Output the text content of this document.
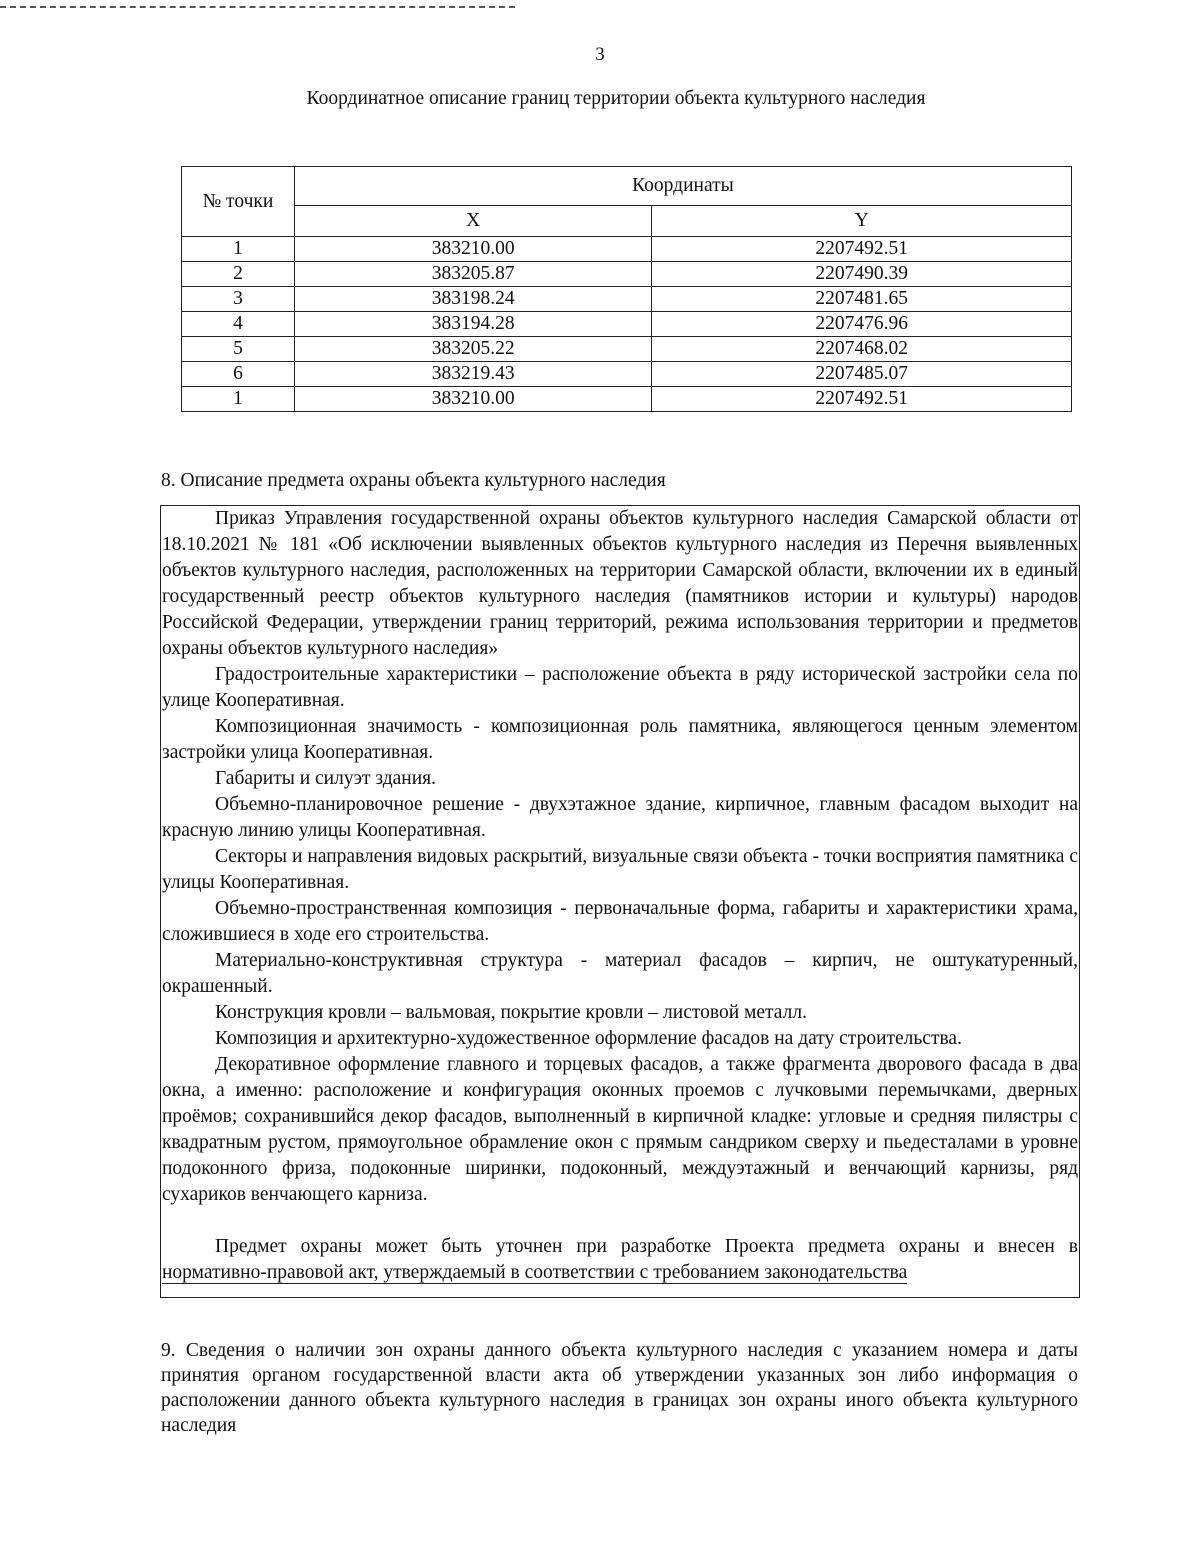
3
Координатное описание границ территории объекта культурного наследия
№ точки	Координаты	
	X	Y
1	383210.00	2207492.51
2	383205.87	2207490.39
3	383198.24	2207481.65
4	383194.28	2207476.96
5	383205.22	2207468.02
6	383219.43	2207485.07
1	383210.00	2207492.51
8. Описание предмета охраны объекта культурного наследия

Приказ Управления государственной охраны объектов культурного наследия Самарской области от 18.10.2021 № 181 «Об исключении выявленных объектов культурного наследия из Перечня выявленных объектов культурного наследия, расположенных на территории Самарской области, включении их в единый государственный реестр объектов культурного наследия (памятников истории и культуры) народов Российской Федерации, утверждении границ территорий, режима использования территории и предметов охраны объектов культурного наследия»

Градостроительные характеристики – расположение объекта в ряду исторической застройки села по улице Кооперативная.

Композиционная значимость - композиционная роль памятника, являющегося ценным элементом застройки улица Кооперативная.

Габариты и силуэт здания.

Объемно-планировочное решение - двухэтажное здание, кирпичное, главным фасадом выходит на красную линию улицы Кооперативная.

Секторы и направления видовых раскрытий, визуальные связи объекта - точки восприятия памятника с улицы Кооперативная.

Объемно-пространственная композиция - первоначальные форма, габариты и характеристики храма, сложившиеся в ходе его строительства.

Материально-конструктивная структура - материал фасадов – кирпич, не оштукатуренный, окрашенный.

Конструкция кровли – вальмовая, покрытие кровли – листовой металл.

Композиция и архитектурно-художественное оформление фасадов на дату строительства.

Декоративное оформление главного и торцевых фасадов, а также фрагмента дворового фасада в два окна, а именно: расположение и конфигурация оконных проемов с лучковыми перемычками, дверных проёмов; сохранившийся декор фасадов, выполненный в кирпичной кладке: угловые и средняя пилястры с квадратным рустом, прямоугольное обрамление окон с прямым сандриком сверху и пьедесталами в уровне подоконного фриза, подоконные ширинки, подоконный, междуэтажный и венчающий карнизы, ряд сухариков венчающего карниза.

Предмет охраны может быть уточнен при разработке Проекта предмета охраны и внесен в нормативно-правовой акт, утверждаемый в соответствии с требованием законодательства

9. Сведения о наличии зон охраны данного объекта культурного наследия с указанием номера и даты принятия органом государственной власти акта об утверждении указанных зон либо информация о расположении данного объекта культурного наследия в границах зон охраны иного объекта культурного наследия
